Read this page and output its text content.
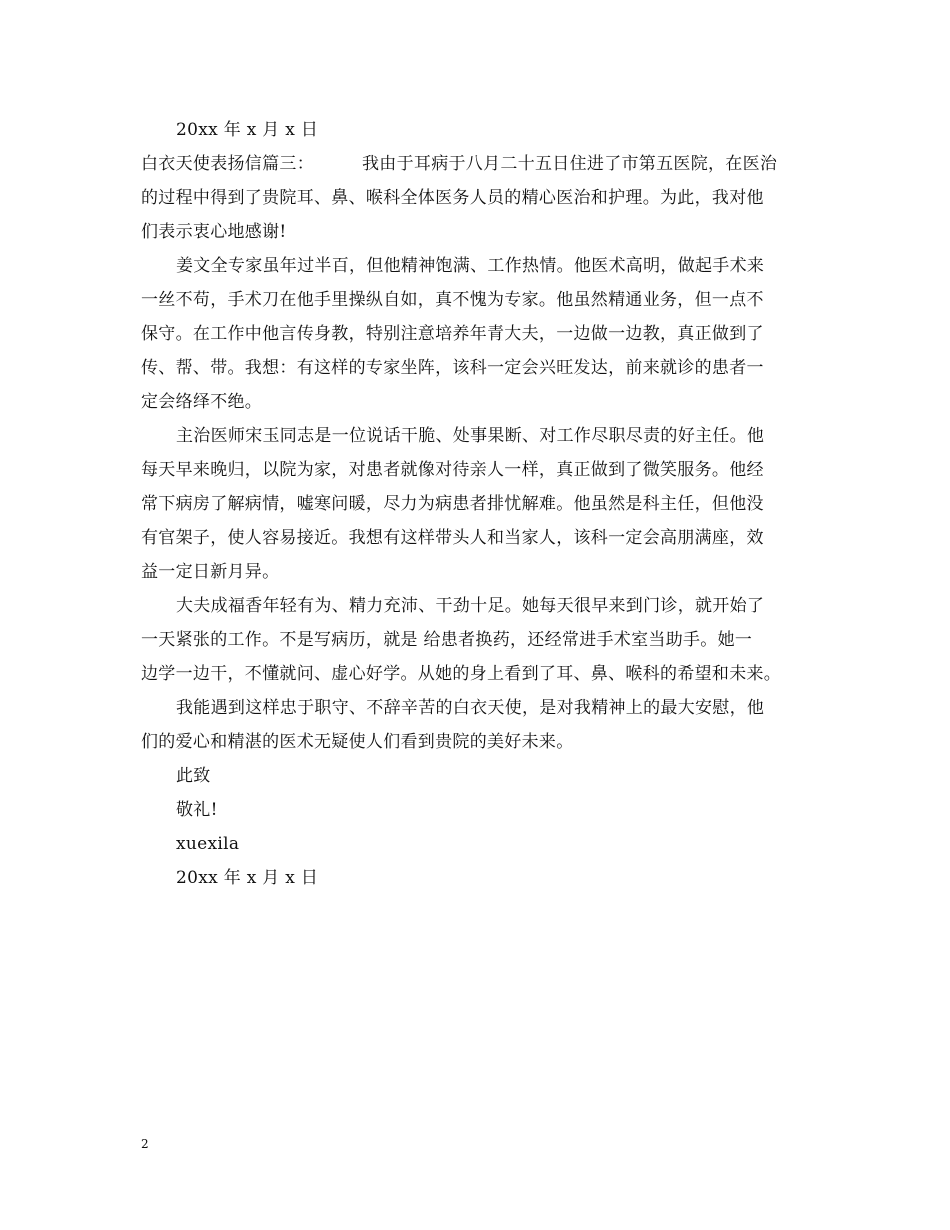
20xx 年 x 月 x 日
白衣天使表扬信篇三：	我由于耳病于八月二十五日住进了市第五医院，在医治
的过程中得到了贵院耳、鼻、喉科全体医务人员的精心医治和护理。为此，我对他
们表示衷心地感谢!
姜文全专家虽年过半百，但他精神饱满、工作热情。他医术高明，做起手术来
一丝不苟，手术刀在他手里操纵自如，真不愧为专家。他虽然精通业务，但一点不
保守。在工作中他言传身教，特别注意培养年青大夫，一边做一边教，真正做到了
传、帮、带。我想：有这样的专家坐阵，该科一定会兴旺发达，前来就诊的患者一
定会络绎不绝。
主治医师宋玉同志是一位说话干脆、处事果断、对工作尽职尽责的好主任。他
每天早来晚归，以院为家，对患者就像对待亲人一样，真正做到了微笑服务。他经
常下病房了解病情，嘘寒问暖，尽力为病患者排忧解难。他虽然是科主任，但他没
有官架子，使人容易接近。我想有这样带头人和当家人，该科一定会高朋满座，效
益一定日新月异。
大夫成福香年轻有为、精力充沛、干劲十足。她每天很早来到门诊，就开始了
一天紧张的工作。不是写病历，就是 给患者换药，还经常进手术室当助手。她一
边学一边干，不懂就问、虚心好学。从她的身上看到了耳、鼻、喉科的希望和未来。
我能遇到这样忠于职守、不辞辛苦的白衣天使，是对我精神上的最大安慰，他
们的爱心和精湛的医术无疑使人们看到贵院的美好未来。
此致
敬礼!
xuexila
20xx 年 x 月 x 日
2
